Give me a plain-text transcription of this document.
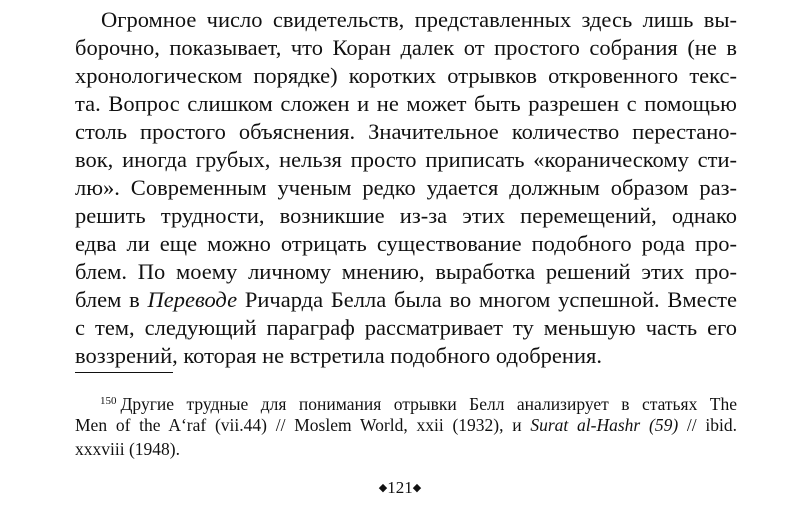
Огромное число свидетельств, представленных здесь лишь вы-
борочно, показывает, что Коран далек от простого собрания (не в
хронологическом порядке) коротких отрывков откровенного текс-
та. Вопрос слишком сложен и не может быть разрешен с помощью
столь простого объяснения. Значительное количество перестано-
вок, иногда грубых, нельзя просто приписать «кораническому сти-
лю». Современным ученым редко удается должным образом раз-
решить трудности, возникшие из-за этих перемещений, однако
едва ли еще можно отрицать существование подобного рода про-
блем. По моему личному мнению, выработка решений этих про-
блем в Переводе Ричарда Белла была во многом успешной. Вместе
с тем, следующий параграф рассматривает ту меньшую часть его
воззрений, которая не встретила подобного одобрения.
$^{150}$ Другие трудные для понимания отрывки Белл анализирует в статьях The
Men of the A‘raf (vii.44) // Moslem World, xxii (1932), и Surat al-Hashr (59) // ibid.
xxxviii (1948).
◆121◆
